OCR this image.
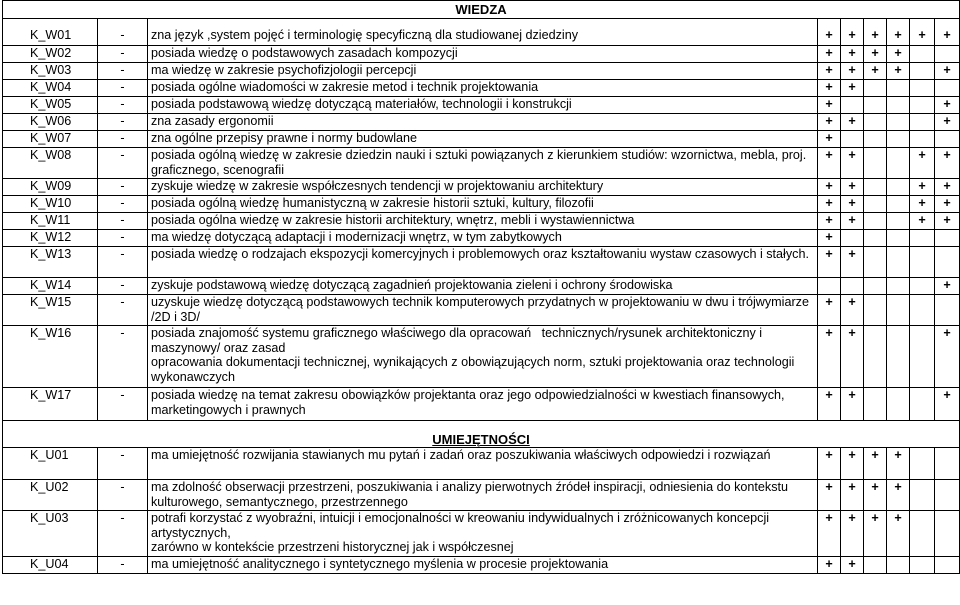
WIEDZA								
K_W01	-	zna język ,system pojęć i terminologię specyficzną dla studiowanej dziedziny	+	+	+	+	+	+
K_W02	-	posiada wiedzę o podstawowych zasadach kompozycji	+	+	+	+		
K_W03	-	ma wiedzę w zakresie psychofizjologii percepcji	+	+	+	+		+
K_W04	-	posiada ogólne wiadomości w zakresie metod i technik projektowania	+	+				
K_W05	-	posiada podstawową wiedzę dotyczącą materiałów, technologii i konstrukcji	+					+
K_W06	-	zna zasady ergonomii	+	+				+
K_W07	-	zna ogólne przepisy prawne i normy budowlane	+					
K_W08	-	posiada ogólną wiedzę w zakresie dziedzin nauki i sztuki powiązanych z kierunkiem studiów: wzornictwa, mebla, proj. graficznego, scenografii	+	+			+	+
K_W09	-	zyskuje wiedzę w zakresie współczesnych tendencji w projektowaniu architektury	+	+			+	+
K_W10	-	posiada ogólną wiedzę humanistyczną w zakresie historii sztuki, kultury, filozofii	+	+			+	+
K_W11	-	posiada ogólna wiedzę w zakresie historii architektury, wnętrz, mebli i wystawiennictwa	+	+			+	+
K_W12	-	ma wiedzę dotyczącą adaptacji i modernizacji wnętrz, w tym zabytkowych	+					
K_W13	-	posiada wiedzę o rodzajach ekspozycji komercyjnych i problemowych oraz kształtowaniu wystaw czasowych i stałych.	+	+				
K_W14	-	zyskuje podstawową wiedzę dotyczącą zagadnień projektowania zieleni i ochrony środowiska						+
K_W15	-	uzyskuje wiedzę dotyczącą podstawowych technik komputerowych przydatnych w projektowaniu w dwu i trójwymiarze /2D i 3D/	+	+				
K_W16	-	posiada znajomość systemu graficznego właściwego dla opracowań   technicznych/rysunek architektoniczny i maszynowy/ oraz zasad
opracowania dokumentacji technicznej, wynikających z obowiązujących norm, sztuki projektowania oraz technologii wykonawczych	+	+				+
K_W17	-	posiada wiedzę na temat zakresu obowiązków projektanta oraz jego odpowiedzialności w kwestiach finansowych, marketingowych i prawnych	+	+				+
UMIEJĘTNOŚCI								
K_U01	-	ma umiejętność rozwijania stawianych mu pytań i zadań oraz poszukiwania właściwych odpowiedzi i rozwiązań	+	+	+	+		
K_U02	-	ma zdolność obserwacji przestrzeni, poszukiwania i analizy pierwotnych źródeł inspiracji, odniesienia do kontekstu kulturowego, semantycznego, przestrzennego	+	+	+	+		
K_U03	-	potrafi korzystać z wyobraźni, intuicji i emocjonalności w kreowaniu indywidualnych i zróżnicowanych koncepcji artystycznych,
zarówno w kontekście przestrzeni historycznej jak i współczesnej	+	+	+	+		
K_U04	-	ma umiejętność analitycznego i syntetycznego myślenia w procesie projektowania	+	+				
